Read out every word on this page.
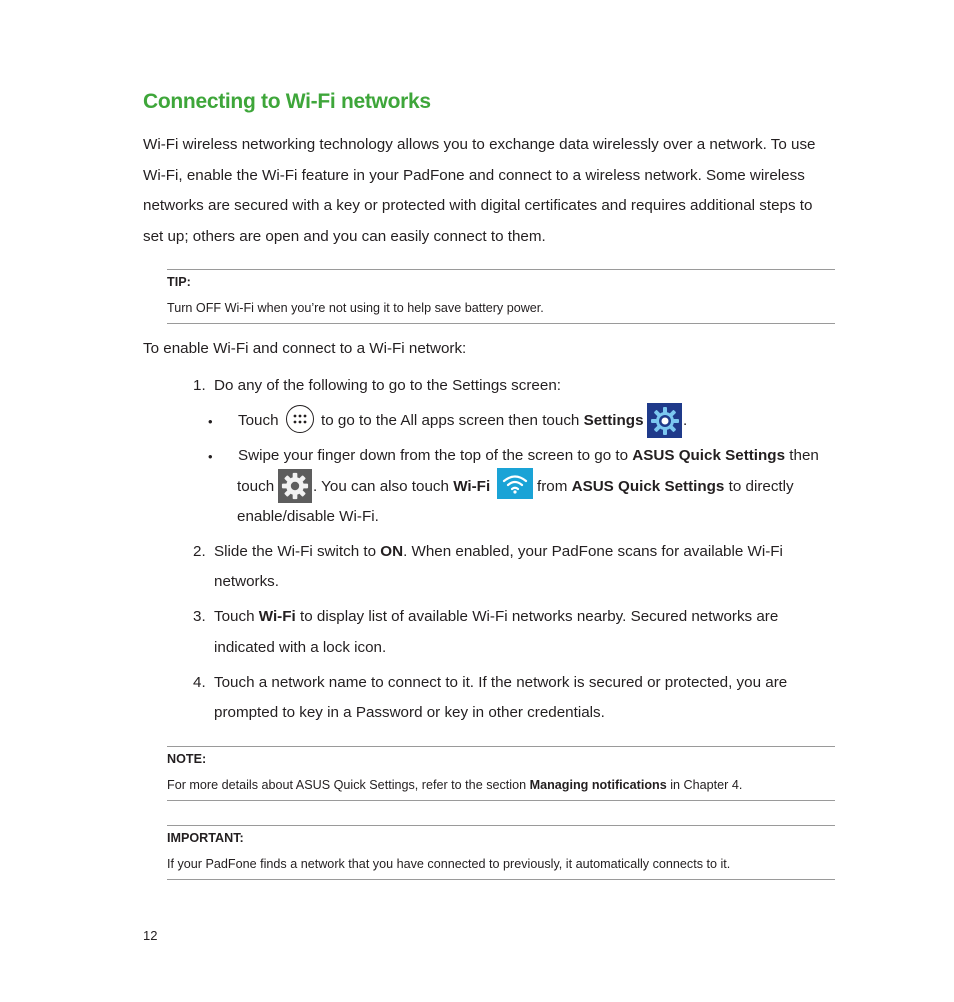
Connecting to Wi-Fi networks
Wi-Fi wireless networking technology allows you to exchange data wirelessly over a network. To use
Wi-Fi, enable the Wi-Fi feature in your PadFone and connect to a wireless network. Some wireless
networks are secured with a key or protected with digital certificates and requires additional steps to
set up; others are open and you can easily connect to them.
TIP:
Turn OFF Wi-Fi when you’re not using it to help save battery power.
To enable Wi-Fi and connect to a Wi-Fi network:
1. Do any of the following to go to the Settings screen:
• Touch	to go to the All apps screen then touch Settings	.
• Swipe your finger down from the top of the screen to go to ASUS Quick Settings then
touch	. You can also touch Wi-Fi	from ASUS Quick Settings to directly
enable/disable Wi-Fi.
2. Slide the Wi-Fi switch to ON. When enabled, your PadFone scans for available Wi-Fi
networks.
3. Touch Wi-Fi to display list of available Wi-Fi networks nearby. Secured networks are
indicated with a lock icon.
4. Touch a network name to connect to it. If the network is secured or protected, you are
prompted to key in a Password or key in other credentials.
NOTE:
For more details about ASUS Quick Settings, refer to the section Managing notifications in Chapter 4.
IMPORTANT:
If your PadFone finds a network that you have connected to previously, it automatically connects to it.
12
